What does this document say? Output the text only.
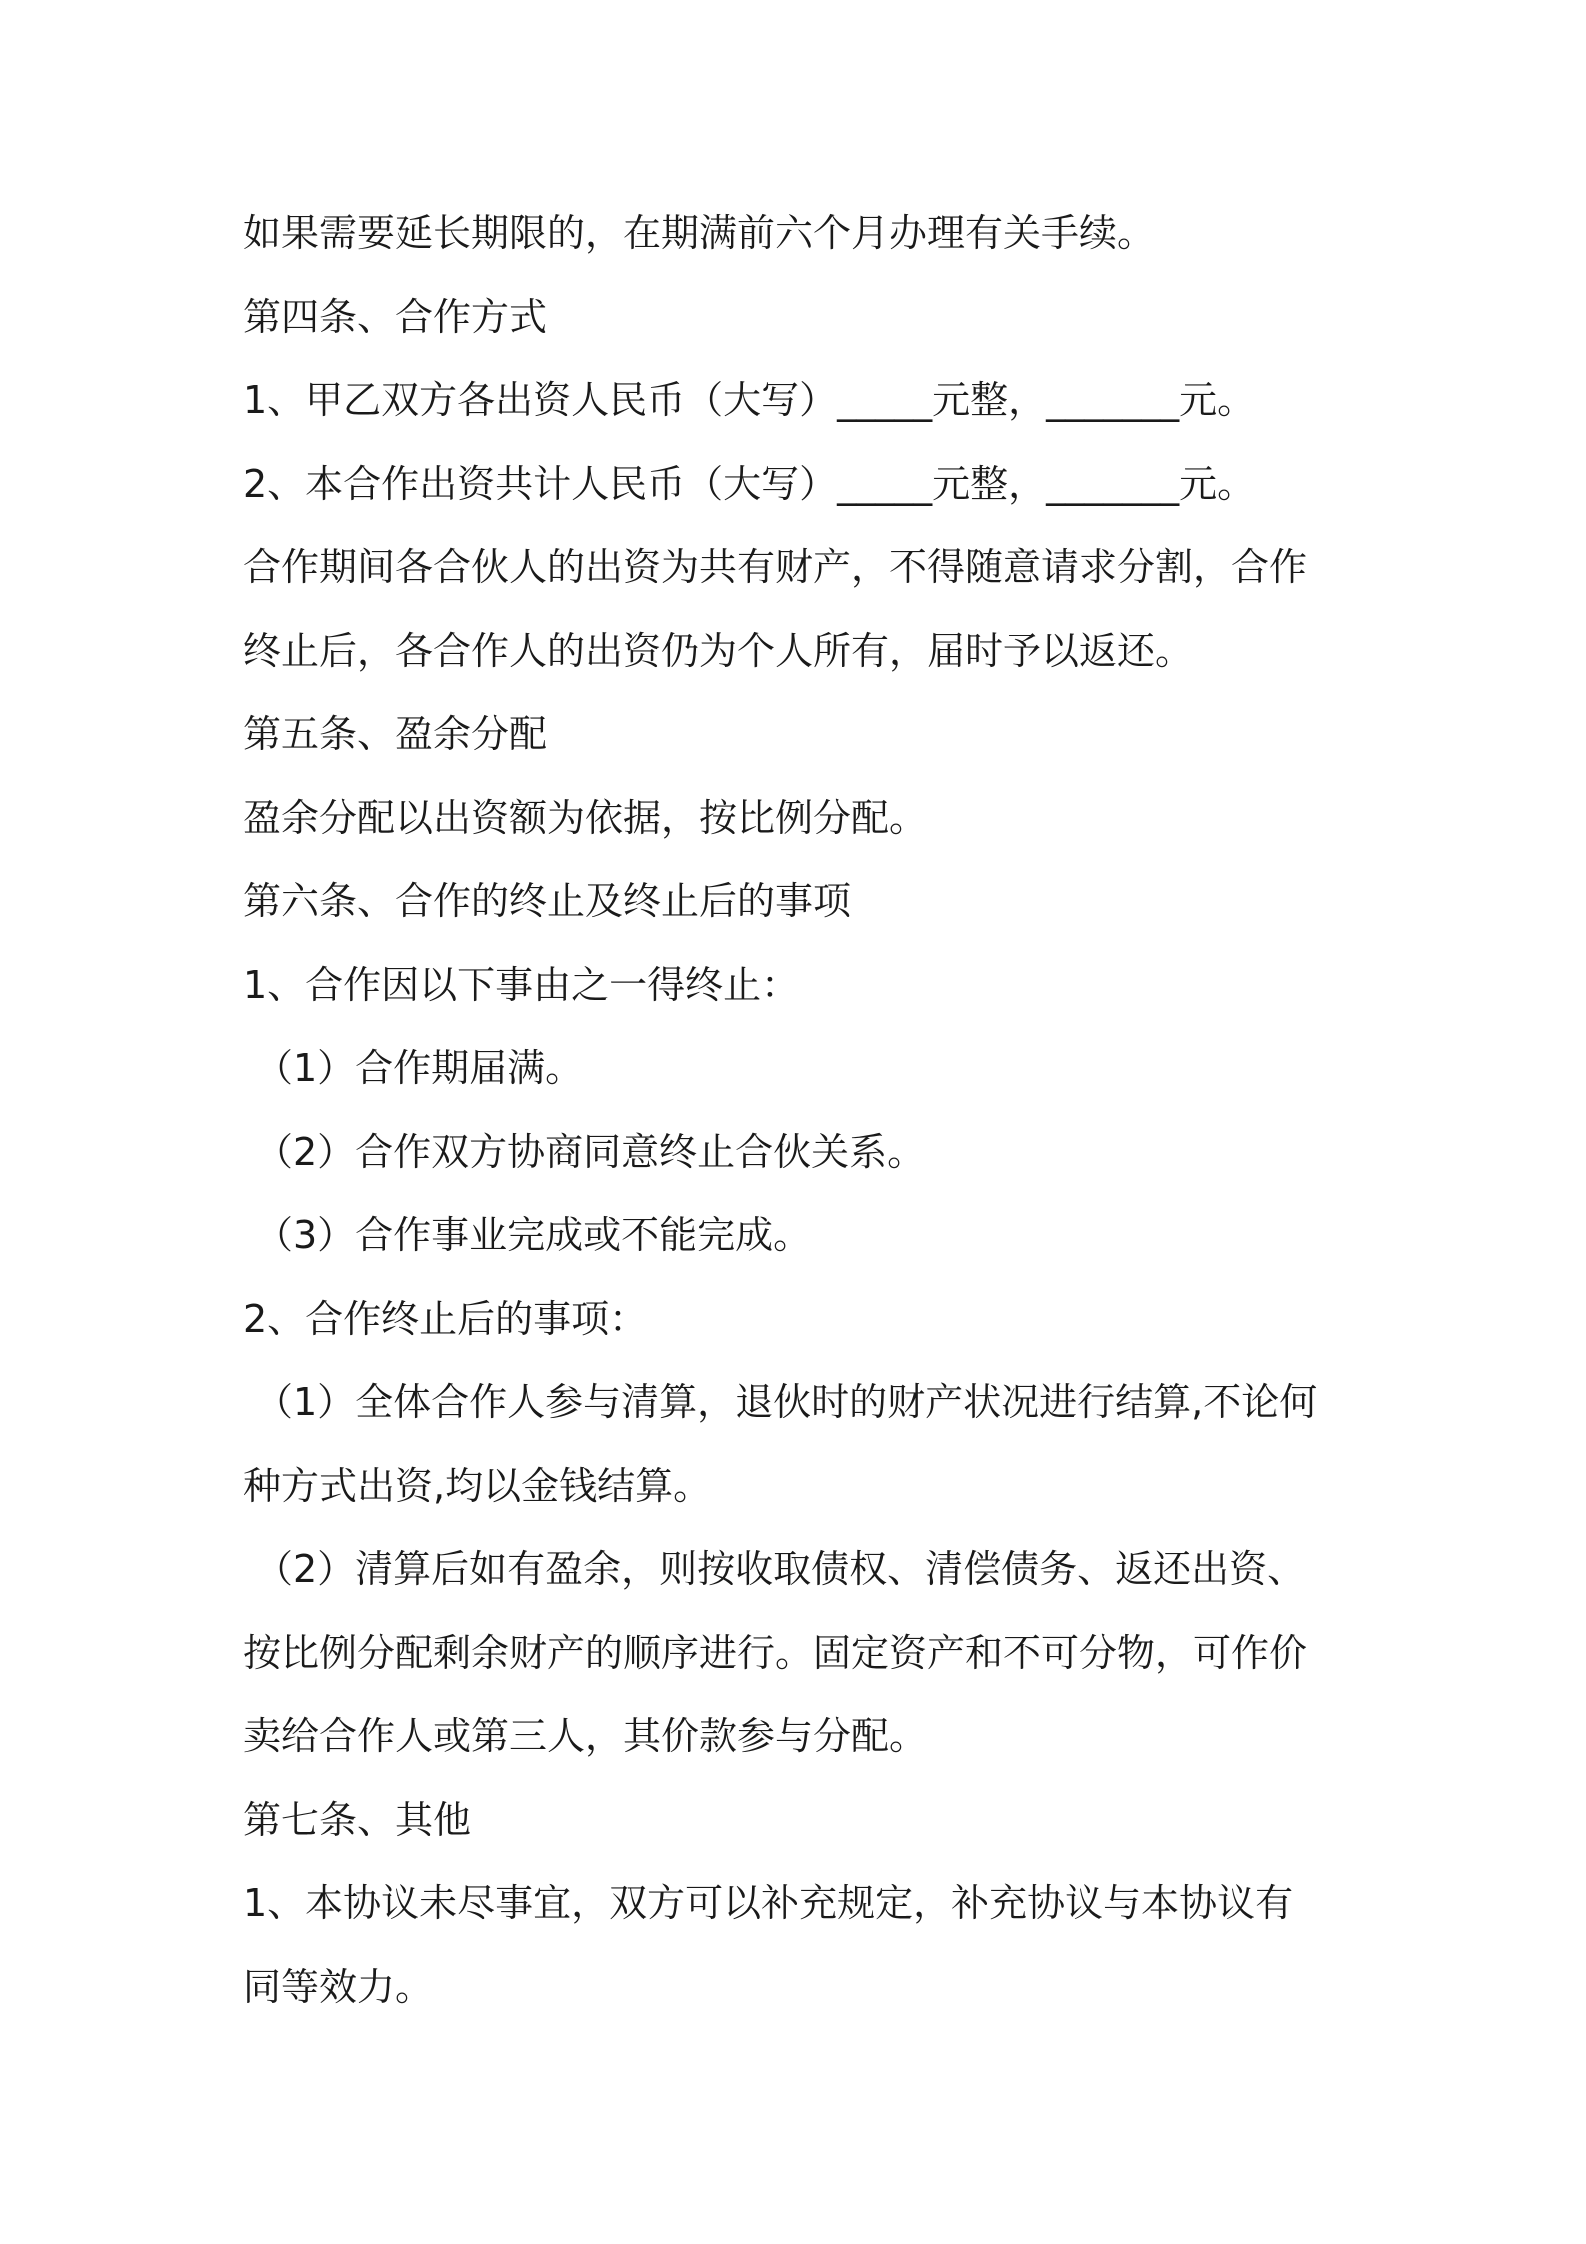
如果需要延长期限的，在期满前六个月办理有关手续。
第四条、合作方式
1、甲乙双方各出资人民币（大写）_____元整，_______元。
2、本合作出资共计人民币（大写）_____元整，_______元。
合作期间各合伙人的出资为共有财产，不得随意请求分割，合作
终止后，各合作人的出资仍为个人所有，届时予以返还。
第五条、盈余分配
盈余分配以出资额为依据，按比例分配。
第六条、合作的终止及终止后的事项
1、合作因以下事由之一得终止：
（1）合作期届满。
（2）合作双方协商同意终止合伙关系。
（3）合作事业完成或不能完成。
2、合作终止后的事项：
（1）全体合作人参与清算，退伙时的财产状况进行结算,不论何
种方式出资,均以金钱结算。
（2）清算后如有盈余，则按收取债权、清偿债务、返还出资、
按比例分配剩余财产的顺序进行。固定资产和不可分物，可作价
卖给合作人或第三人，其价款参与分配。
第七条、其他
1、本协议未尽事宜，双方可以补充规定，补充协议与本协议有
同等效力。
